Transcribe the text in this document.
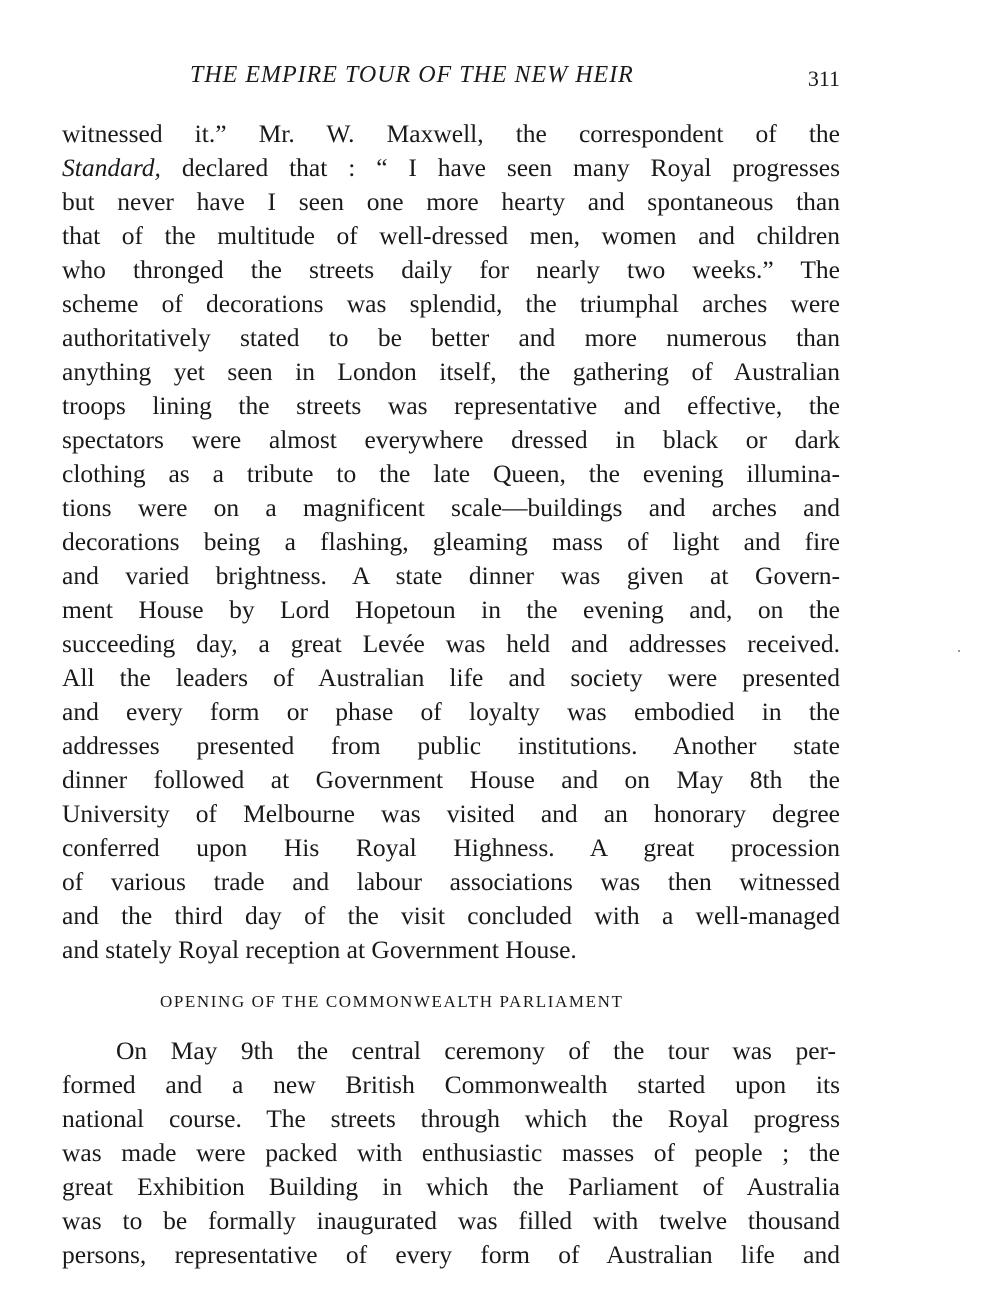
THE EMPIRE TOUR OF THE NEW HEIR	311
witnessed it.” Mr. W. Maxwell, the correspondent of the
Standard, declared that : “ I have seen many Royal progresses
but never have I seen one more hearty and spontaneous than
that of the multitude of well-dressed men, women and children
who thronged the streets daily for nearly two weeks.” The
scheme of decorations was splendid, the triumphal arches were
authoritatively stated to be better and more numerous than
anything yet seen in London itself, the gathering of Australian
troops lining the streets was representative and effective, the
spectators were almost everywhere dressed in black or dark
clothing as a tribute to the late Queen, the evening illumina-
tions were on a magnificent scale—buildings and arches and
decorations being a flashing, gleaming mass of light and fire
and varied brightness. A state dinner was given at Govern-
ment House by Lord Hopetoun in the evening and, on the
succeeding day, a great Levée was held and addresses received.
All the leaders of Australian life and society were presented
and every form or phase of loyalty was embodied in the
addresses presented from public institutions. Another state
dinner followed at Government House and on May 8th the
University of Melbourne was visited and an honorary degree
conferred upon His Royal Highness. A great procession
of various trade and labour associations was then witnessed
and the third day of the visit concluded with a well-managed
and stately Royal reception at Government House.
OPENING OF THE COMMONWEALTH PARLIAMENT
On May 9th the central ceremony of the tour was per-
formed and a new British Commonwealth started upon its
national course. The streets through which the Royal progress
was made were packed with enthusiastic masses of people ; the
great Exhibition Building in which the Parliament of Australia
was to be formally inaugurated was filled with twelve thousand
persons, representative of every form of Australian life and
